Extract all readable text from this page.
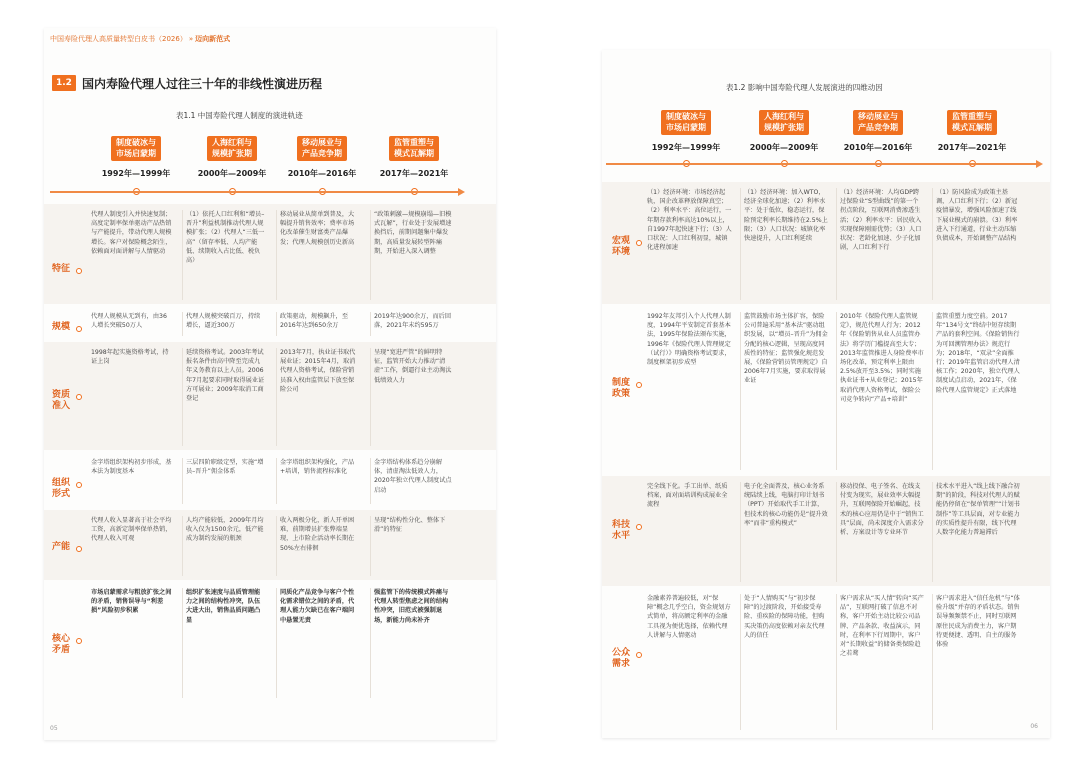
中国寿险代理人高质量转型白皮书（2026） » 迈向新范式
1.2 国内寿险代理人过往三十年的非线性演进历程
表1.1 中国寿险代理人制度的演进轨迹
制度破冰与
市场启蒙期
1992年—1999年
人海红利与
规模扩张期
2000年—2009年
移动展业与
产品竞争期
2010年—2016年
监管重塑与
模式瓦解期
2017年—2021年
特征
代理人制度引入并快速复制；高度定制率保单驱动产品热销与产能提升，带动代理人规模增长。客户对保险概念陌生，依赖面对面讲解与人情驱动
（1）依托人口红利和“增员–晋升”利益机制推动代理人规模扩张；（2）代理人“三低一高”（留存率低、人均产能低、续期收入占比低、税负高）
移动展业从简单到普及，大幅提升销售效率；费率市场化改革催生财富类产品爆发；代理人规模创历史新高
“政策刺激—规模崩塌—旧模式瓦解”，行业处于发展增速换挡后，前期问题集中爆发期，高质量发展转型阵痛期，开始进入深入调整
规模
代理人规模从无到有，由36人增长突破50万人
代理人规模突破百万，持续增长，逼近300万
政策驱动，规模飙升，至2016年达到650余万
2019年达900余万，而后回落，2021年末约595万
资质准入
1998年起实施资格考试，持证上岗
延续资格考试。2003年考试报名条件由高中降至完成九年义务教育以上人员。2006年7月起要求同时取得展业证方可展业；2009年取消工商登记
2013年7月，执业证书取代展业证；2015年4月，取消代理人资格考试，保险营销员准入权由监管层下放至保险公司
呈现“宽进严管”的鲜明特征，监管开始大力推动“清虚”工作，倒逼行业主动淘汰低绩效人力
组织形式
金字塔组织架构初步形成，基本法为制度基本
三层四阶职级定型，实施“增员–晋升”佣金体系
金字塔组织架构强化，产品+培训，销售流程标准化
金字塔结构体系趋分崩解体，清虚淘汰低效人力，2020年独立代理人制度试点启动
产能
代理人收入显著高于社会平均工资，高新定制率保单热销，代理人收入可观
人均产能较低，2009年月均收入仅为1500余元，低产能成为制约发展的瓶颈
收入两极分化，新人开单困难，前期增员扩张弊端显现，上市险企活动率长期在50%左右徘徊
呈现“结构性分化、整体下滑”的特征
核心矛盾
市场启蒙需求与粗放扩张之间的矛盾，销售误导与“利差损”风险初步积累
组织扩张速度与品质管理能力之间的结构性冲突，队伍大进大出，销售品质问题凸显
同质化产品竞争与客户个性化需求错位之间的矛盾，代理人能力欠缺已在客户端问中悬置无责
强监管下的传统模式阵痛与代理人转型焦虑之间的结构性冲突，旧范式被强制退场，新能力尚未补齐
05
表1.2 影响中国寿险代理人发展演进的四维动因
制度破冰与
市场启蒙期
1992年—1999年
人海红利与
规模扩张期
2000年—2009年
移动展业与
产品竞争期
2010年—2016年
监管重塑与
模式瓦解期
2017年—2021年
宏观环境
（1）经济环境：市场经济起轨，国企改革释放保障真空；（2）利率水平：高位运行，一年期存款利率高达10%以上，自1997年起快速下行；（3）人口状况：人口红利初显，城镇化进程加速
（1）经济环境：加入WTO，经济全球化加速；（2）利率水平：处于低位，稳态运行，保险预定利率长期维持在2.5%上限；（3）人口状况：城镇化率快速提升，人口红利延续
（1）经济环境：人均GDP跨过保险业“S型曲线”的第一个拐点阶段，互联网消费渗透生活；（2）利率水平：居民收入实现保障刚需优势；（3）人口状况：老龄化加速、少子化加剧，人口红利下行
（1）防风险成为政策主基调，人口红利下行；（2）新冠疫情暴发，增强风险加速了线下展业模式的崩溃。（3）利率进入下行通道，行业主动压缩负债成本，开始调整产品结构
制度政策
1992年友邦引入个人代理人制度，1994年平安制定首套基本法，1995年保险法颁布实施，1996年《保险代理人管理规定（试行）》明确资格考试要求，制度框架初步成型
监管鼓励市场主体扩容，保险公司普遍采用“基本法”驱动组织发展，以“增员–晋升”为佣金分配的核心逻辑，呈现高度同质性的特征；监管强化规范发展，《保险营销员管理规定》自2006年7月实施，要求取得展业证
2010年《保险代理人监管规定》，规范代理人行为；2012年《保险销售从业人员监管办法》将学历门槛提高至大专；2013年监管推进人身险费率市场化改革，预定利率上限由2.5%放开至3.5%；同时实施执业证书+从业登记；2015年取消代理人资格考试，保险公司竞争转向“产品+培训”
监管重塑力度空前。2017年“134号文”终结中短存续期产品的套利空间。《保险销售行为可回溯管理办法》规范行为；2018年，“双录”全面推行；2019年监管启动代理人清核工作；2020年，独立代理人制度试点启动，2021年，《保险代理人监管规定》正式落地
科技水平
完全线下化。手工出单、纸质档案，面对面培训构成展业全流程
电子化全面普及，核心业务系统陆续上线，电脑打印计划书（PPT）开始取代手工计算，但技术的核心功能仍是“提升效率”而非“重构模式”
移动投保、电子签名、在线支付变为现实，展业效率大幅提升，互联网保险开始崛起，技术的核心应用仍是中于“销售工具”层面，尚未深度介入需求分析、方案设计等专业环节
技术水平进入“线上线下融合初期”的阶段，科技对代理人的赋能仍停留在“保单管理”“计划书制作”等工具层面，对专业能力的实质性提升有限，线下代理人数字化能力普遍滞后
公众需求
金融素养普遍较低，对“保障”概念几乎空白，资金规划方式简单，将高额定利率的金融工具视为便优选择，依赖代理人讲解与人情驱动
处于“人情购买”与“初步保障”的过渡阶段，开始接受寿险、重疾险的保障功能，但购买决策仍高度依赖对亲友代理人的信任
客户需求从“买人情”转向“买产品”，互联网打破了信息不对称，客户开始主动比较公司品牌、产品条款、收益演示，同时，在利率下行周期中，客户对“长期收益”的储备类保险趋之若鹜
客户需求进入“信任危机”与“体验升级”并存的矛盾状态。销售误导频频禁不止，同时互联网原住民成为消费主力，客户期待更便捷、透明、自主的服务体验
06
